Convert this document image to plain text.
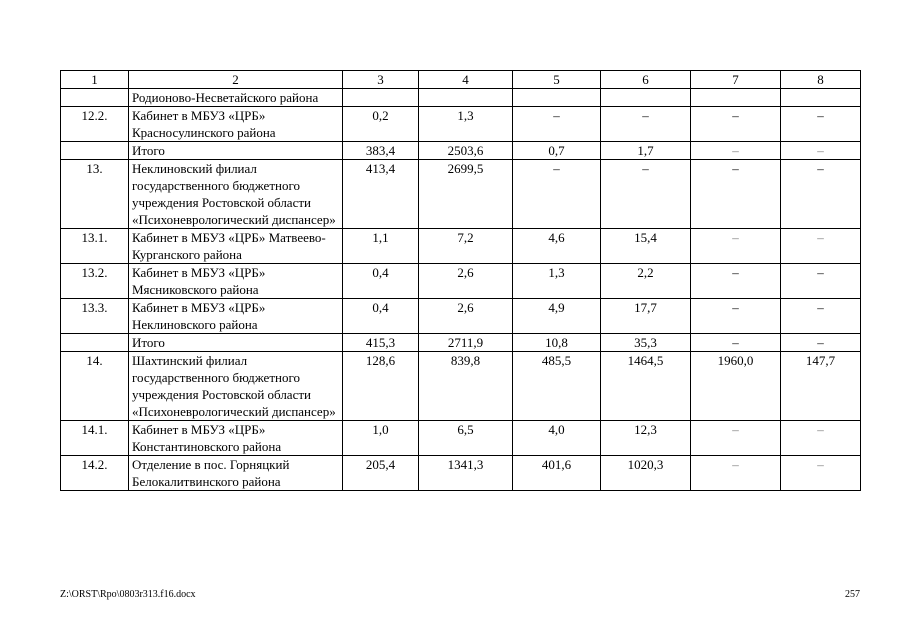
1	2	3	4	5	6	7	8
	Родионово-Несветайского района						
12.2.	Кабинет в МБУЗ «ЦРБ» Красносулинского района	0,2	1,3	–	–	–	–
	Итого	383,4	2503,6	0,7	1,7	–	–
13.	Неклиновский филиал государственного бюджетного учреждения Ростовской области «Психоневрологический диспансер»	413,4	2699,5	–	–	–	–
13.1.	Кабинет в МБУЗ «ЦРБ» Матвеево-Курганского района	1,1	7,2	4,6	15,4	–	–
13.2.	Кабинет в МБУЗ «ЦРБ» Мясниковского района	0,4	2,6	1,3	2,2	–	–
13.3.	Кабинет в МБУЗ «ЦРБ» Неклиновского района	0,4	2,6	4,9	17,7	–	–
	Итого	415,3	2711,9	10,8	35,3	–	–
14.	Шахтинский филиал государственного бюджетного учреждения Ростовской области «Психоневрологический диспансер»	128,6	839,8	485,5	1464,5	1960,0	147,7
14.1.	Кабинет в МБУЗ «ЦРБ» Константиновского района	1,0	6,5	4,0	12,3	–	–
14.2.	Отделение в пос. Горняцкий Белокалитвинского района	205,4	1341,3	401,6	1020,3	–	–
Z:\ORST\Rpo\0803r313.f16.docx	257
